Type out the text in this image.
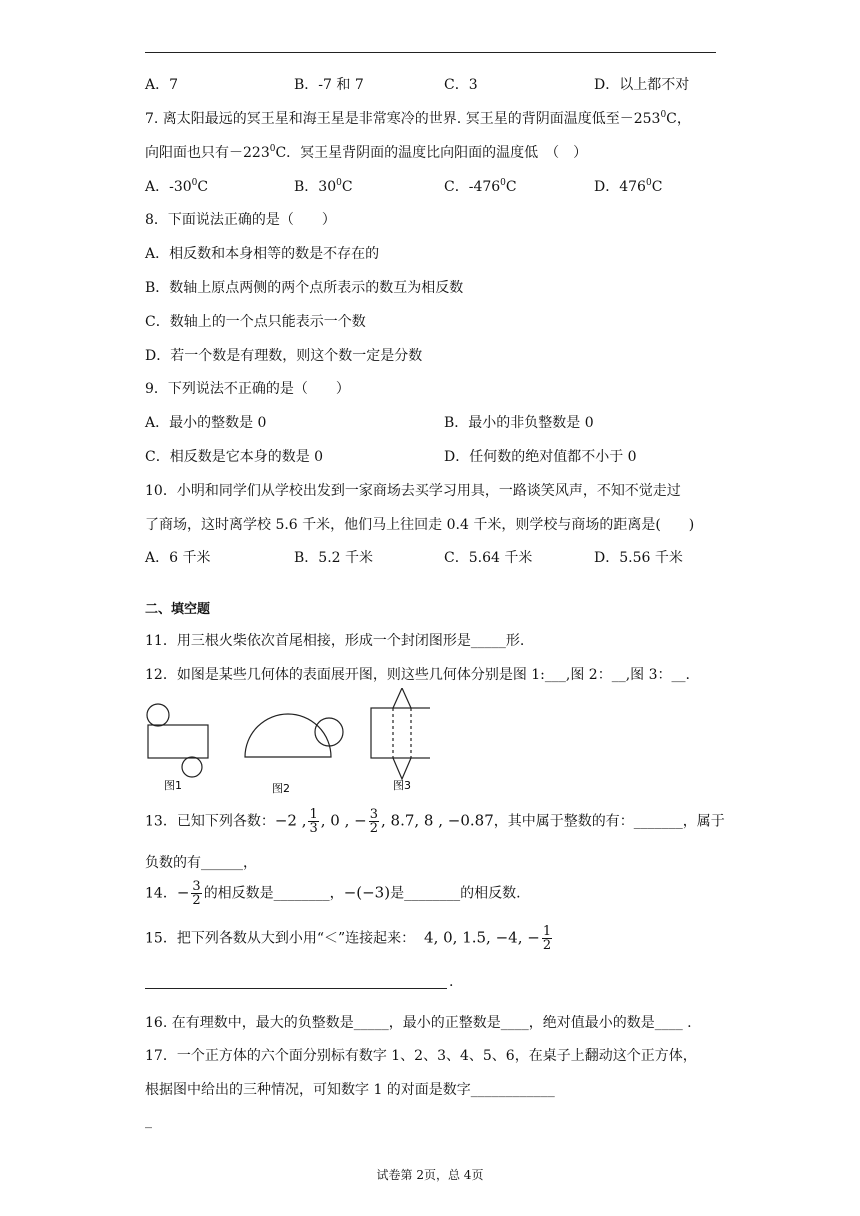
A．7	B．-7 和 7	C．3	D．以上都不对
7. 离太阳最远的冥王星和海王星是非常寒冷的世界. 冥王星的背阴面温度低至$-253^0C$，
向阳面也只有$-223^0C$．冥王星背阴面的温度比向阳面的温度低　（　）
A．$-30^0C$	B．$30^0C$	C．$-476^0C$	D．$476^0C$
8．下面说法正确的是（　　）
A．相反数和本身相等的数是不存在的
B．数轴上原点两侧的两个点所表示的数互为相反数
C．数轴上的一个点只能表示一个数
D．若一个数是有理数，则这个数一定是分数
9．下列说法不正确的是（　　）
A．最小的整数是 0	B．最小的非负整数是 0
C．相反数是它本身的数是 0	D．任何数的绝对值都不小于 0
10．小明和同学们从学校出发到一家商场去买学习用具，一路谈笑风声，不知不觉走过
了商场，这时离学校 5.6 千米，他们马上往回走 0.4 千米，则学校与商场的距离是(　　)
A．6 千米	B．5.2 千米	C．5.64 千米	D．5.56 千米
二、填空题
11．用三根火柴依次首尾相接，形成一个封闭图形是_____形.
12．如图是某些几何体的表面展开图，则这些几何体分别是图 1:___,图 2：__,图 3：__.
图1	图2	图3
13．已知下列各数：−2 , $\frac{1}{3}$ , 0 , − $\frac{3}{2}$ , 8.7, 8 , −0.87，其中属于整数的有：_______，属于
负数的有______，
14．− $\frac{3}{2}$ 的相反数是________，−(−3)是________的相反数.
15．把下列各数从大到小用“＜”连接起来： 4, 0, 1.5, −4, − $\frac{1}{2}$
.
16. 在有理数中，最大的负整数是_____，最小的正整数是____，绝对值最小的数是____ .
17．一个正方体的六个面分别标有数字 1、2、3、4、5、6，在桌子上翻动这个正方体，
根据图中给出的三种情况，可知数字 1 的对面是数字____________
_
试卷第 2页，总 4页
